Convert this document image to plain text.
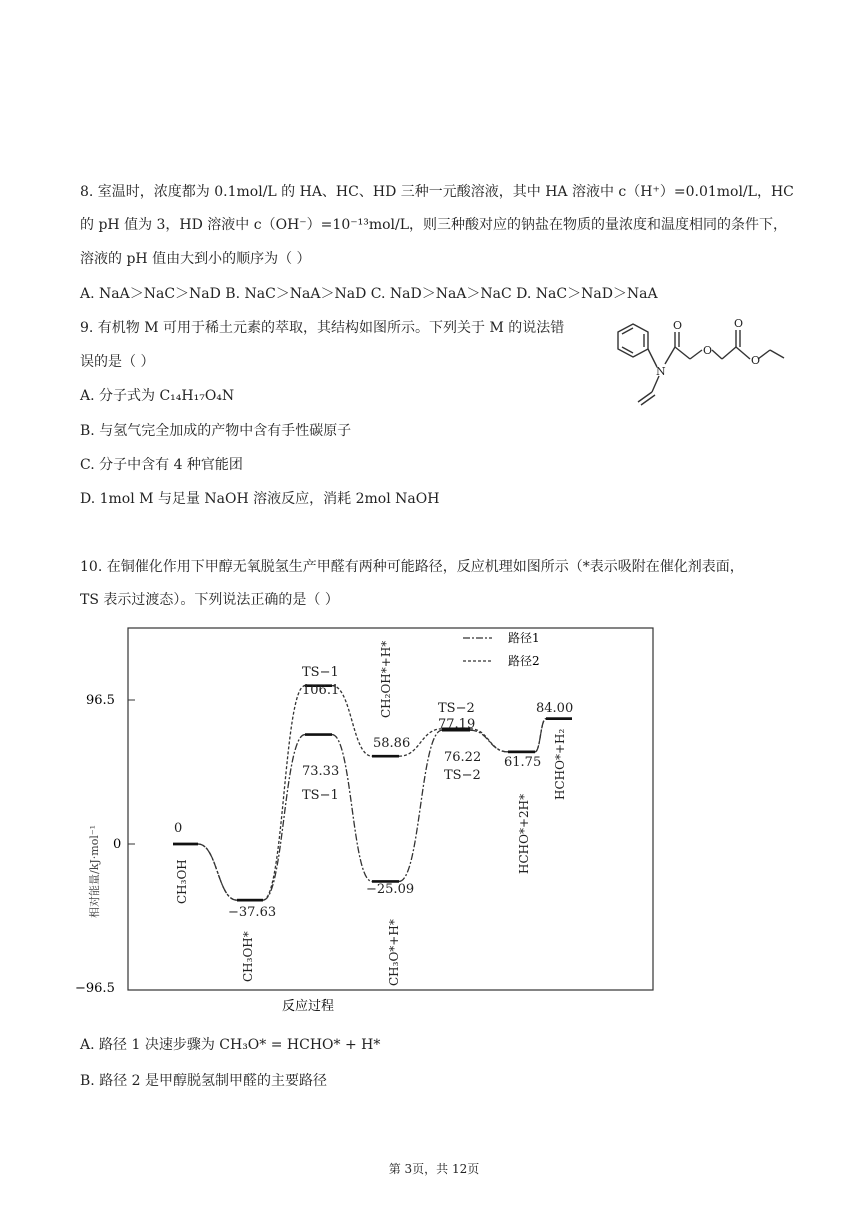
8. 室温时，浓度都为 0.1mol/L 的 HA、HC、HD 三种一元酸溶液，其中 HA 溶液中 c（H⁺）=0.01mol/L，HC
的 pH 值为 3，HD 溶液中 c（OH⁻）=10⁻¹³mol/L，则三种酸对应的钠盐在物质的量浓度和温度相同的条件下，
溶液的 pH 值由大到小的顺序为（ ）
A. NaA＞NaC＞NaD B. NaC＞NaA＞NaD C. NaD＞NaA＞NaC D. NaC＞NaD＞NaA
9. 有机物 M 可用于稀土元素的萃取，其结构如图所示。下列关于 M 的说法错
误的是（ ）
A. 分子式为 C₁₄H₁₇O₄N
B. 与氢气完全加成的产物中含有手性碳原子
C. 分子中含有 4 种官能团
D. 1mol M 与足量 NaOH 溶液反应，消耗 2mol NaOH
O
O
O
O
N
10. 在铜催化作用下甲醇无氧脱氢生产甲醛有两种可能路径，反应机理如图所示（*表示吸附在催化剂表面，
TS 表示过渡态）。下列说法正确的是（ ）
96.5
0
−96.5
相对能量/kJ·mol⁻¹
反应过程
路径1
路径2
0
−37.63
TS−1
106.1
73.33
TS−1
58.86
−25.09
TS−2
77.19
76.22
TS−2
61.75
84.00
CH₃OH
CH₃OH*	CH₃O*+H*
CH₂OH*+H*
HCHO*+2H*
HCHO*+H₂
A. 路径 1 决速步骤为 CH₃O* = HCHO* + H*
B. 路径 2 是甲醇脱氢制甲醛的主要路径
第 3页，共 12页
